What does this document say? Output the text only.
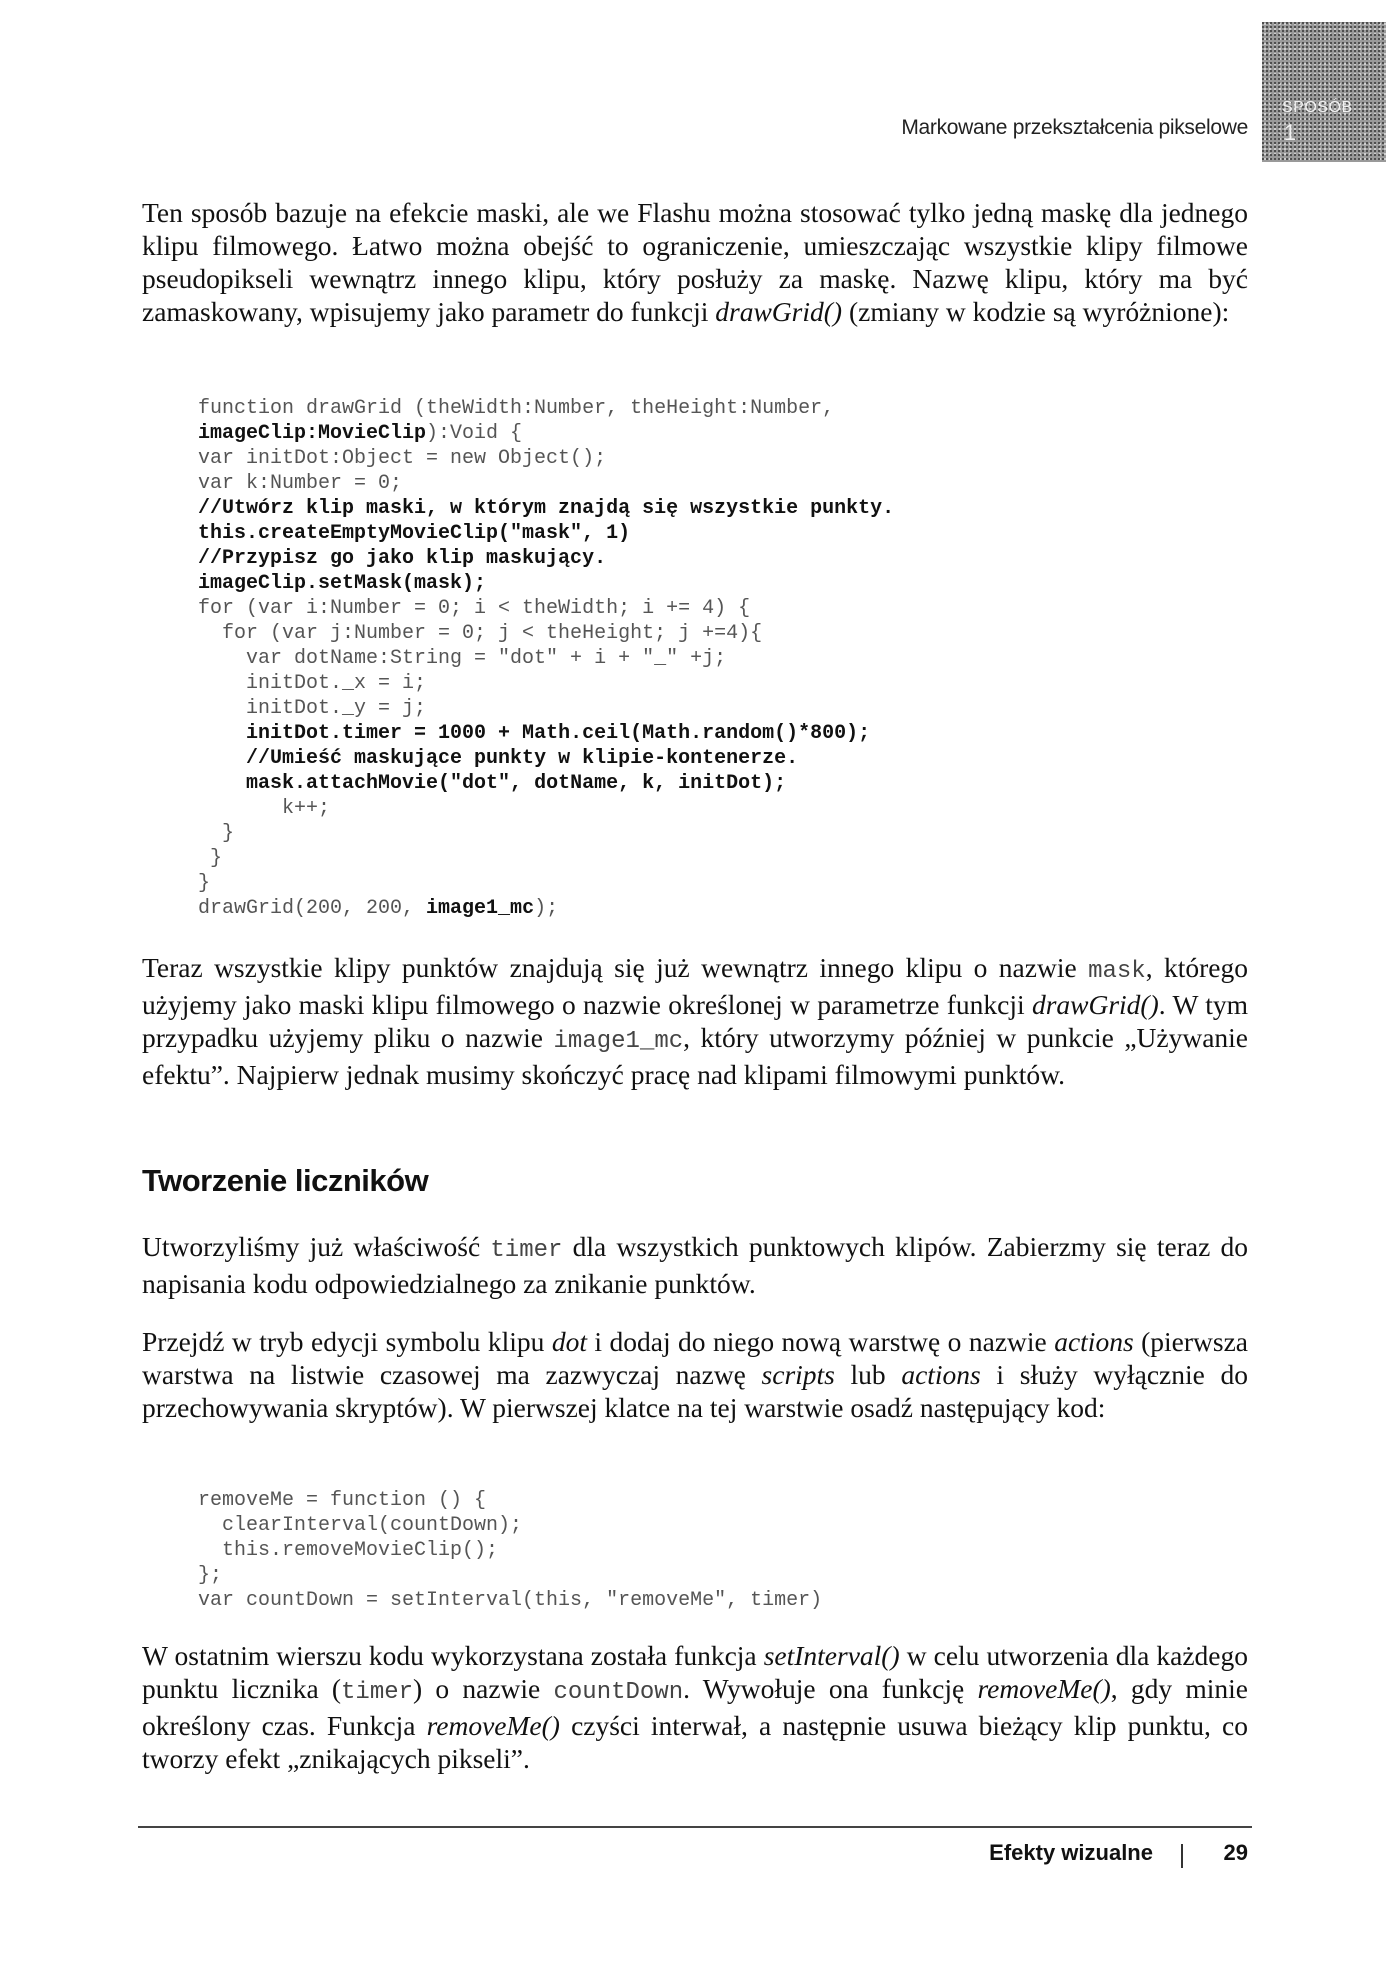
Markowane przekształcenia pikselowe
SPOSÓB
1

Ten sposób bazuje na efekcie maski, ale we Flashu można stosować tylko jedną maskę dla jednego klipu filmowego. Łatwo można obejść to ograniczenie, umieszczając wszystkie klipy filmowe pseudopikseli wewnątrz innego klipu, który posłuży za maskę. Nazwę klipu, który ma być zamaskowany, wpisujemy jako parametr do funkcji drawGrid() (zmiany w kodzie są wyróżnione):

function drawGrid (theWidth:Number, theHeight:Number,
imageClip:MovieClip):Void {
var initDot:Object = new Object();
var k:Number = 0;
//Utwórz klip maski, w którym znajdą się wszystkie punkty.
this.createEmptyMovieClip("mask", 1)
//Przypisz go jako klip maskujący.
imageClip.setMask(mask);
for (var i:Number = 0; i < theWidth; i += 4) {
for (var j:Number = 0; j < theHeight; j +=4){
var dotName:String = "dot" + i + "_" +j;
initDot._x = i;
initDot._y = j;
initDot.timer = 1000 + Math.ceil(Math.random()*800);
//Umieść maskujące punkty w klipie-kontenerze.
mask.attachMovie("dot", dotName, k, initDot);
k++;
}
}
}
drawGrid(200, 200, image1_mc);

Teraz wszystkie klipy punktów znajdują się już wewnątrz innego klipu o nazwie mask, którego użyjemy jako maski klipu filmowego o nazwie określonej w parametrze funkcji drawGrid(). W tym przypadku użyjemy pliku o nazwie image1_mc, który utworzymy później w punkcie „Używanie efektu”. Najpierw jednak musimy skończyć pracę nad klipami filmowymi punktów.

Tworzenie liczników

Utworzyliśmy już właściwość timer dla wszystkich punktowych klipów. Zabierzmy się teraz do napisania kodu odpowiedzialnego za znikanie punktów.

Przejdź w tryb edycji symbolu klipu dot i dodaj do niego nową warstwę o nazwie actions (pierwsza warstwa na listwie czasowej ma zazwyczaj nazwę scripts lub actions i służy wyłącznie do przechowywania skryptów). W pierwszej klatce na tej warstwie osadź następujący kod:

removeMe = function () {
clearInterval(countDown);
this.removeMovieClip();
};
var countDown = setInterval(this, "removeMe", timer)

W ostatnim wierszu kodu wykorzystana została funkcja setInterval() w celu utworzenia dla każdego punktu licznika (timer) o nazwie countDown. Wywołuje ona funkcję removeMe(), gdy minie określony czas. Funkcja removeMe() czyści interwał, a następnie usuwa bieżący klip punktu, co tworzy efekt „znikających pikseli”.

Efekty wizualne	29
